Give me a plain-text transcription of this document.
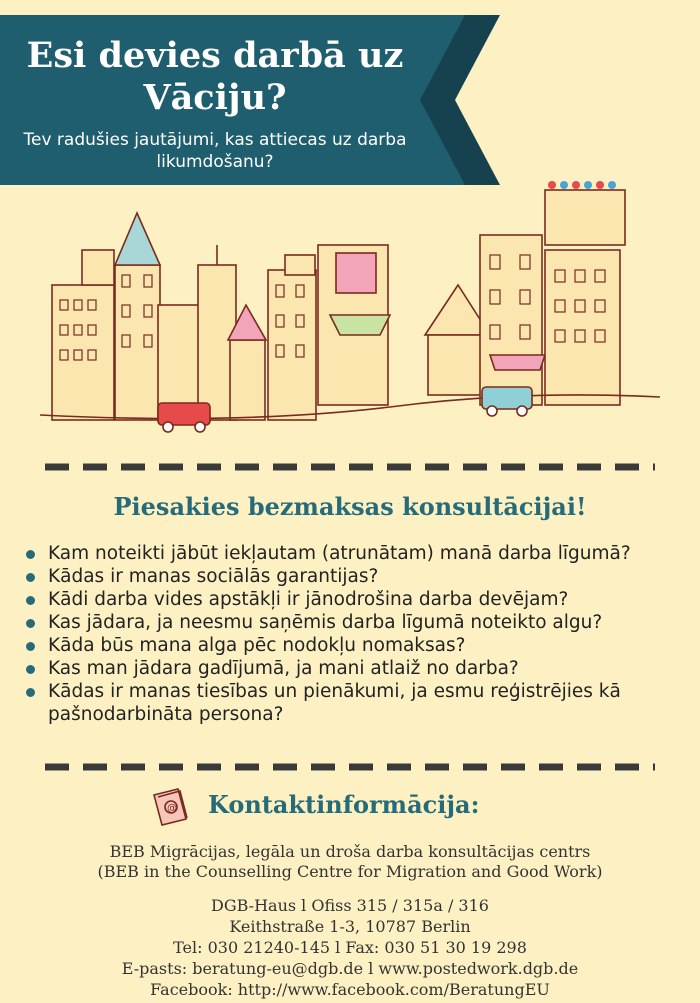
Esi devies darbā uz
Vāciju?
Tev radušies jautājumi, kas attiecas uz darba
likumdošanu?
Piesakies bezmaksas konsultācijai!
Kam noteikti jābūt iekļautam (atrunātam) manā darba līgumā?
Kādas ir manas sociālās garantijas?
Kādi darba vides apstākļi ir jānodrošina darba devējam?
Kas jādara, ja neesmu saņēmis darba līgumā noteikto algu?
Kāda būs mana alga pēc nodokļu nomaksas?
Kas man jādara gadījumā, ja mani atlaiž no darba?
Kādas ir manas tiesības un pienākumi, ja esmu reģistrējies kā
pašnodarbināta persona?
@ Kontaktinformācija:
BEB Migrācijas, legāla un droša darba konsultācijas centrs
(BEB in the Counselling Centre for Migration and Good Work)
DGB-Haus l Ofiss 315 / 315a / 316
Keithstraße 1-3, 10787 Berlin
Tel: 030 21240-145 l Fax: 030 51 30 19 298
E-pasts: beratung-eu@dgb.de l www.postedwork.dgb.de
Facebook: http://www.facebook.com/BeratungEU
